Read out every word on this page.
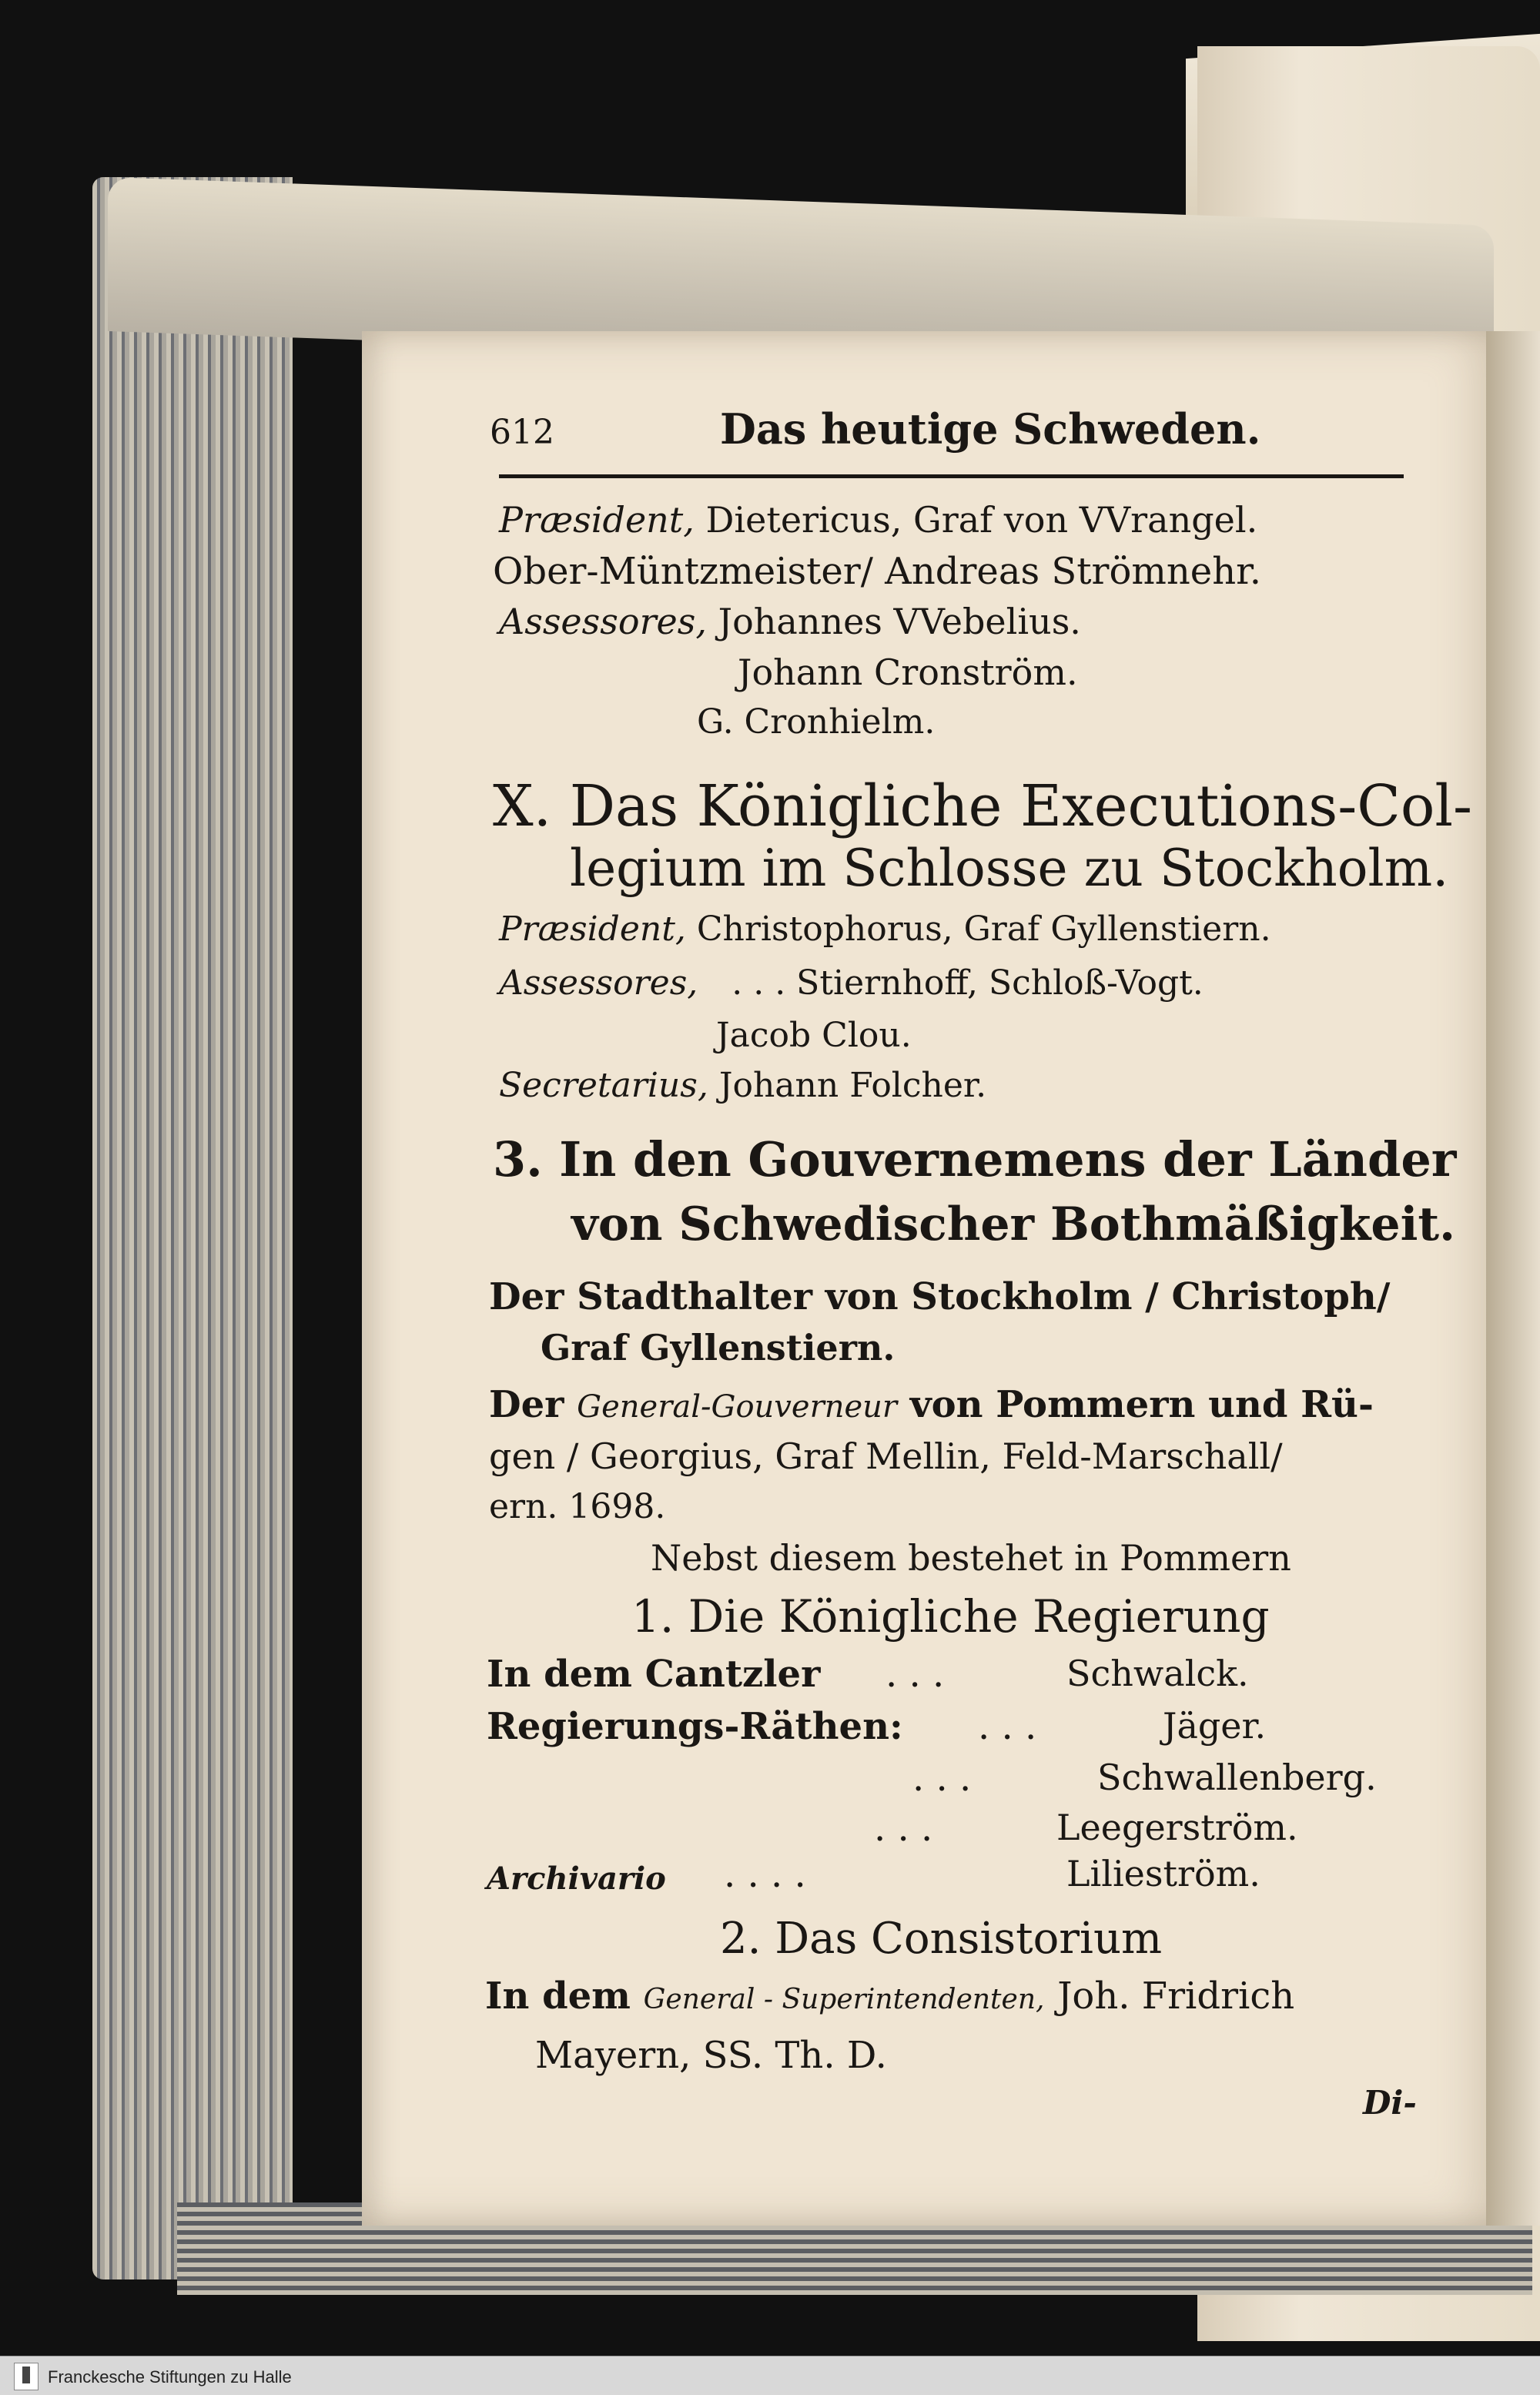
612	Das heutige Schweden.
Præsident, Dietericus, Graf von VVrangel.
Ober-Müntzmeister/ Andreas Strömnehr.
Assessores, Johannes VVebelius.
Johann Cronström.
G. Cronhielm.
X. Das Königliche Executions-Col-
legium im Schlosse zu Stockholm.
Præsident, Christophorus, Graf Gyllenstiern.
Assessores, . . . Stiernhoff, Schloß-Vogt.
Jacob Clou.
Secretarius, Johann Folcher.
3. In den Gouvernemens der Länder
von Schwedischer Bothmäßigkeit.
Der Stadthalter von Stockholm / Christoph/
Graf Gyllenstiern.
Der General-Gouverneur von Pommern und Rü-
gen / Georgius, Graf Mellin, Feld-Marschall/
ern. 1698.
Nebst diesem bestehet in Pommern
1. Die Königliche Regierung
In dem Cantzler . . .	Schwalck.
Regierungs-Räthen: . . .	Jäger.
. . .	Schwallenberg.
. . .	Leegerström.
Archivario . . . .	Lilieström.
2. Das Consistorium
In dem General - Superintendenten, Joh. Fridrich
Mayern, SS. Th. D.
Di-
Franckesche Stiftungen zu Halle
